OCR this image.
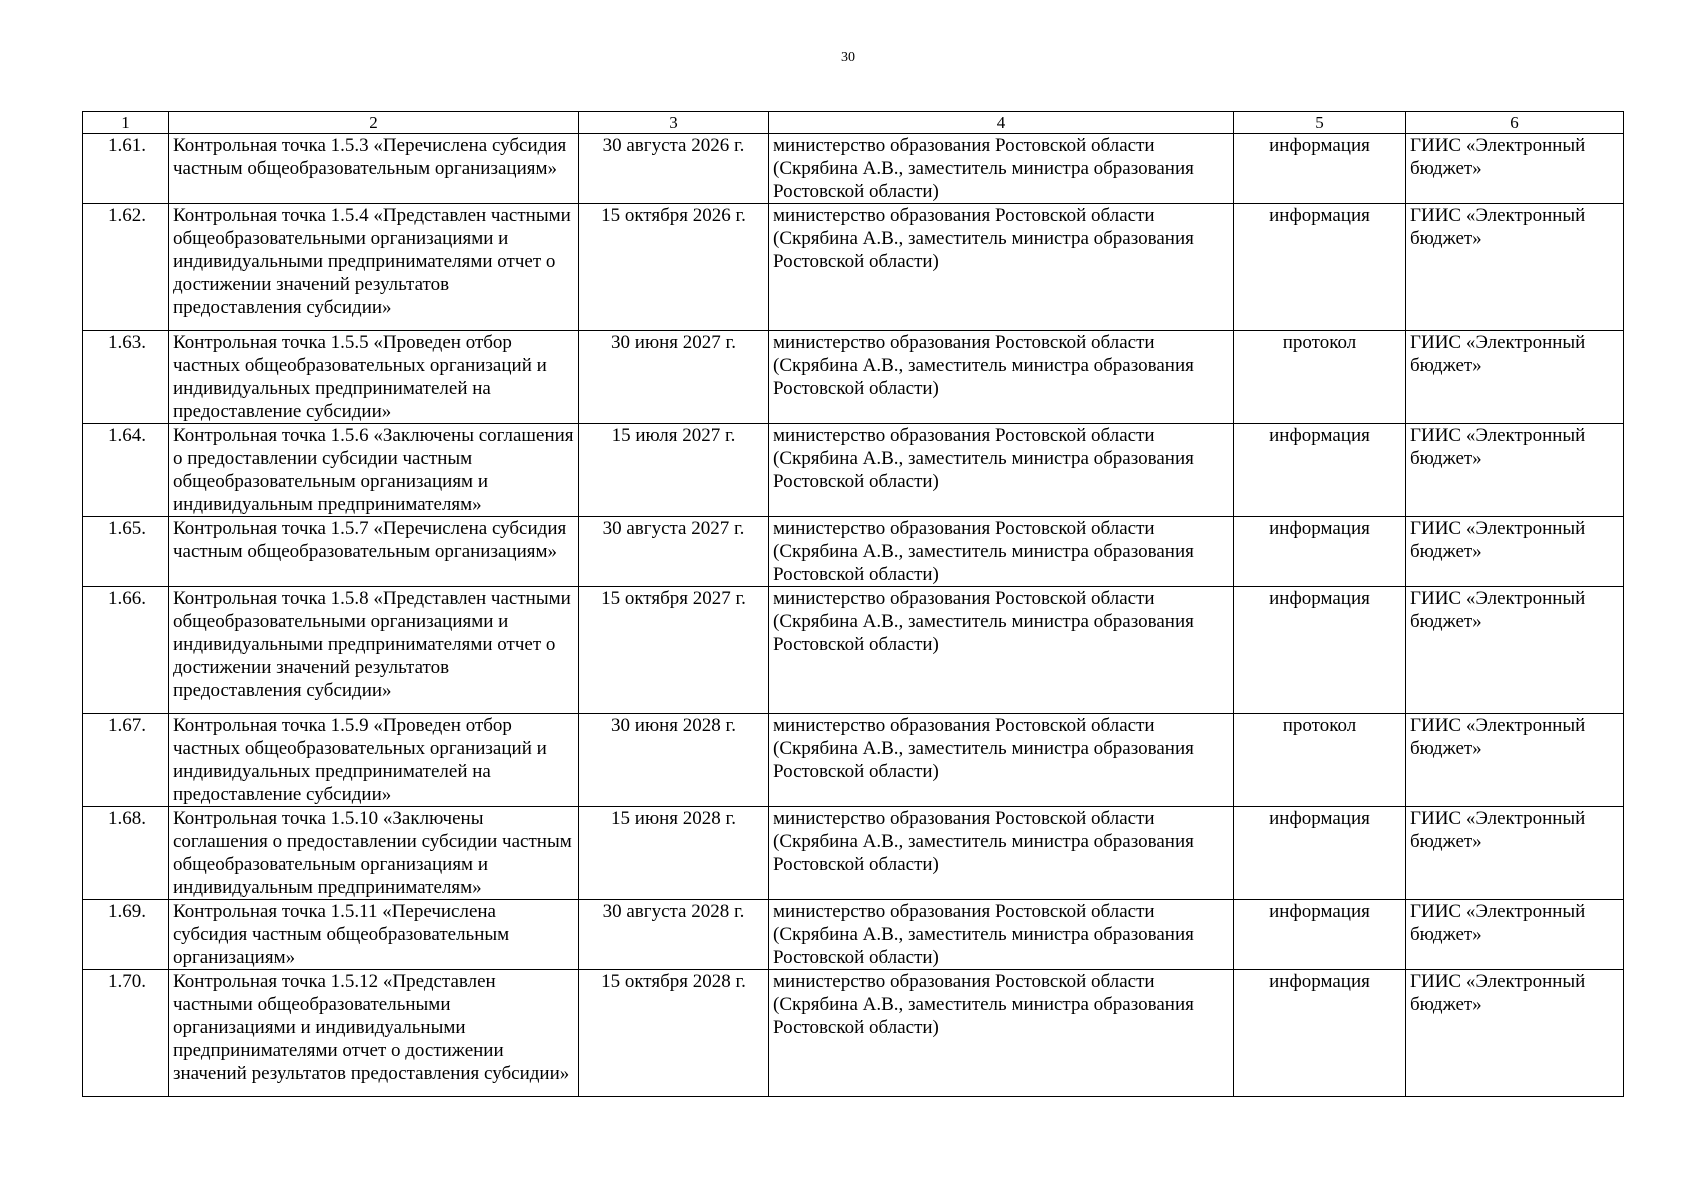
30
1	2	3	4	5	6
1.61.	Контрольная точка 1.5.3 «Перечислена субсидия частным общеобразовательным организациям»	30 августа 2026 г.	министерство образования Ростовской области (Скрябина А.В., заместитель министра образования Ростовской области)	информация	ГИИС «Электронный бюджет»
1.62.	Контрольная точка 1.5.4 «Представлен частными общеобразовательными организациями и индивидуальными предпринимателями отчет о достижении значений результатов предоставления субсидии»	15 октября 2026 г.	министерство образования Ростовской области (Скрябина А.В., заместитель министра образования Ростовской области)	информация	ГИИС «Электронный бюджет»
1.63.	Контрольная точка 1.5.5 «Проведен отбор частных общеобразовательных организаций и индивидуальных предпринимателей на предоставление субсидии»	30 июня 2027 г.	министерство образования Ростовской области (Скрябина А.В., заместитель министра образования Ростовской области)	протокол	ГИИС «Электронный бюджет»
1.64.	Контрольная точка 1.5.6 «Заключены соглашения о предоставлении субсидии частным общеобразовательным организациям и индивидуальным предпринимателям»	15 июля 2027 г.	министерство образования Ростовской области (Скрябина А.В., заместитель министра образования Ростовской области)	информация	ГИИС «Электронный бюджет»
1.65.	Контрольная точка 1.5.7 «Перечислена субсидия частным общеобразовательным организациям»	30 августа 2027 г.	министерство образования Ростовской области (Скрябина А.В., заместитель министра образования Ростовской области)	информация	ГИИС «Электронный бюджет»
1.66.	Контрольная точка 1.5.8 «Представлен частными общеобразовательными организациями и индивидуальными предпринимателями отчет о достижении значений результатов предоставления субсидии»	15 октября 2027 г.	министерство образования Ростовской области (Скрябина А.В., заместитель министра образования Ростовской области)	информация	ГИИС «Электронный бюджет»
1.67.	Контрольная точка 1.5.9 «Проведен отбор частных общеобразовательных организаций и индивидуальных предпринимателей на предоставление субсидии»	30 июня 2028 г.	министерство образования Ростовской области (Скрябина А.В., заместитель министра образования Ростовской области)	протокол	ГИИС «Электронный бюджет»
1.68.	Контрольная точка 1.5.10 «Заключены соглашения о предоставлении субсидии частным общеобразовательным организациям и индивидуальным предпринимателям»	15 июня 2028 г.	министерство образования Ростовской области (Скрябина А.В., заместитель министра образования Ростовской области)	информация	ГИИС «Электронный бюджет»
1.69.	Контрольная точка 1.5.11 «Перечислена субсидия частным общеобразовательным организациям»	30 августа 2028 г.	министерство образования Ростовской области (Скрябина А.В., заместитель министра образования Ростовской области)	информация	ГИИС «Электронный бюджет»
1.70.	Контрольная точка 1.5.12 «Представлен частными общеобразовательными организациями и индивидуальными предпринимателями отчет о достижении значений результатов предоставления субсидии»	15 октября 2028 г.	министерство образования Ростовской области (Скрябина А.В., заместитель министра образования Ростовской области)	информация	ГИИС «Электронный бюджет»
